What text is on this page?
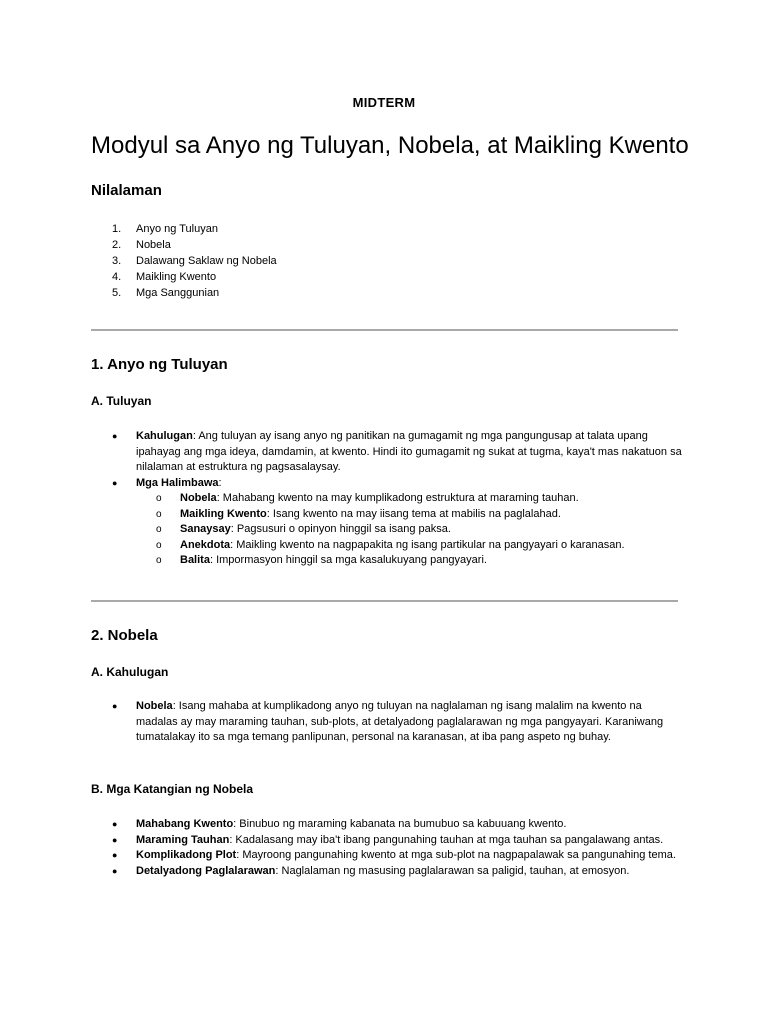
MIDTERM
Modyul sa Anyo ng Tuluyan, Nobela, at Maikling Kwento
Nilalaman
1. Anyo ng Tuluyan
2. Nobela
3. Dalawang Saklaw ng Nobela
4. Maikling Kwento
5. Mga Sanggunian
1. Anyo ng Tuluyan
A. Tuluyan
●	Kahulugan: Ang tuluyan ay isang anyo ng panitikan na gumagamit ng mga pangungusap at talata upang ipahayag ang mga ideya, damdamin, at kwento. Hindi ito gumagamit ng sukat at tugma, kaya't mas nakatuon sa nilalaman at estruktura ng pagsasalaysay.
●	Mga Halimbawa:
o	Nobela: Mahabang kwento na may kumplikadong estruktura at maraming tauhan.
o	Maikling Kwento: Isang kwento na may iisang tema at mabilis na paglalahad.
o	Sanaysay: Pagsusuri o opinyon hinggil sa isang paksa.
o	Anekdota: Maikling kwento na nagpapakita ng isang partikular na pangyayari o karanasan.
o	Balita: Impormasyon hinggil sa mga kasalukuyang pangyayari.
2. Nobela
A. Kahulugan
●	Nobela: Isang mahaba at kumplikadong anyo ng tuluyan na naglalaman ng isang malalim na kwento na madalas ay may maraming tauhan, sub-plots, at detalyadong paglalarawan ng mga pangyayari. Karaniwang tumatalakay ito sa mga temang panlipunan, personal na karanasan, at iba pang aspeto ng buhay.
B. Mga Katangian ng Nobela
●	Mahabang Kwento: Binubuo ng maraming kabanata na bumubuo sa kabuuang kwento.
●	Maraming Tauhan: Kadalasang may iba't ibang pangunahing tauhan at mga tauhan sa pangalawang antas.
●	Komplikadong Plot: Mayroong pangunahing kwento at mga sub-plot na nagpapalawak sa pangunahing tema.
●	Detalyadong Paglalarawan: Naglalaman ng masusing paglalarawan sa paligid, tauhan, at emosyon.
